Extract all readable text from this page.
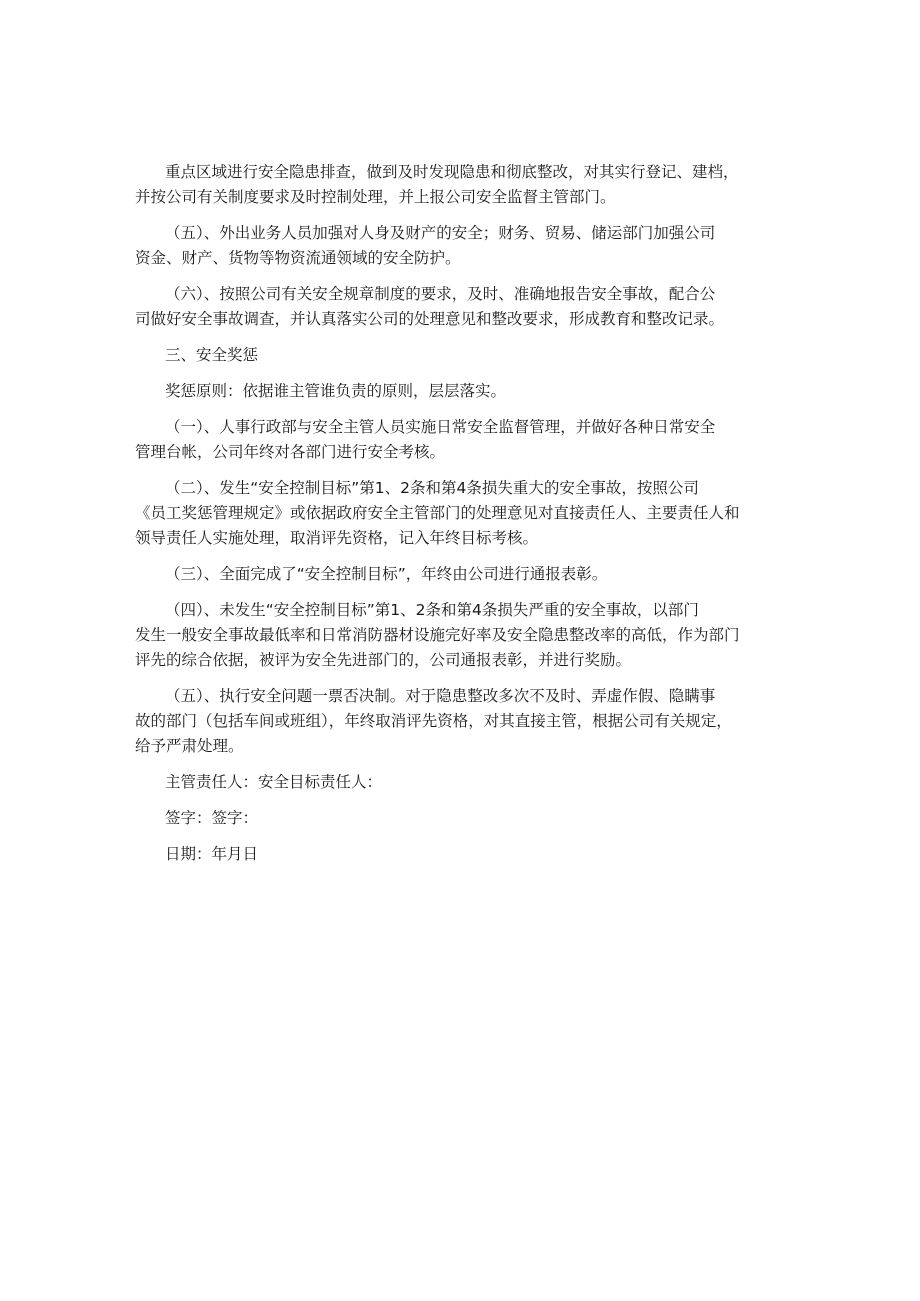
重点区域进行安全隐患排查，做到及时发现隐患和彻底整改，对其实行登记、建档，
并按公司有关制度要求及时控制处理，并上报公司安全监督主管部门。
（五）、外出业务人员加强对人身及财产的安全；财务、贸易、储运部门加强公司
资金、财产、货物等物资流通领域的安全防护。
（六）、按照公司有关安全规章制度的要求，及时、准确地报告安全事故，配合公
司做好安全事故调查，并认真落实公司的处理意见和整改要求，形成教育和整改记录。
三、安全奖惩
奖惩原则：依据谁主管谁负责的原则，层层落实。
（一）、人事行政部与安全主管人员实施日常安全监督管理，并做好各种日常安全
管理台帐，公司年终对各部门进行安全考核。
（二）、发生“安全控制目标”第1、2条和第4条损失重大的安全事故，按照公司
《员工奖惩管理规定》或依据政府安全主管部门的处理意见对直接责任人、主要责任人和
领导责任人实施处理，取消评先资格，记入年终目标考核。
（三）、全面完成了“安全控制目标”，年终由公司进行通报表彰。
（四）、未发生“安全控制目标”第1、2条和第4条损失严重的安全事故，以部门
发生一般安全事故最低率和日常消防器材设施完好率及安全隐患整改率的高低，作为部门
评先的综合依据，被评为安全先进部门的，公司通报表彰，并进行奖励。
（五）、执行安全问题一票否决制。对于隐患整改多次不及时、弄虚作假、隐瞒事
故的部门（包括车间或班组），年终取消评先资格，对其直接主管，根据公司有关规定，
给予严肃处理。
主管责任人：安全目标责任人：
签字：签字：
日期：年月日
